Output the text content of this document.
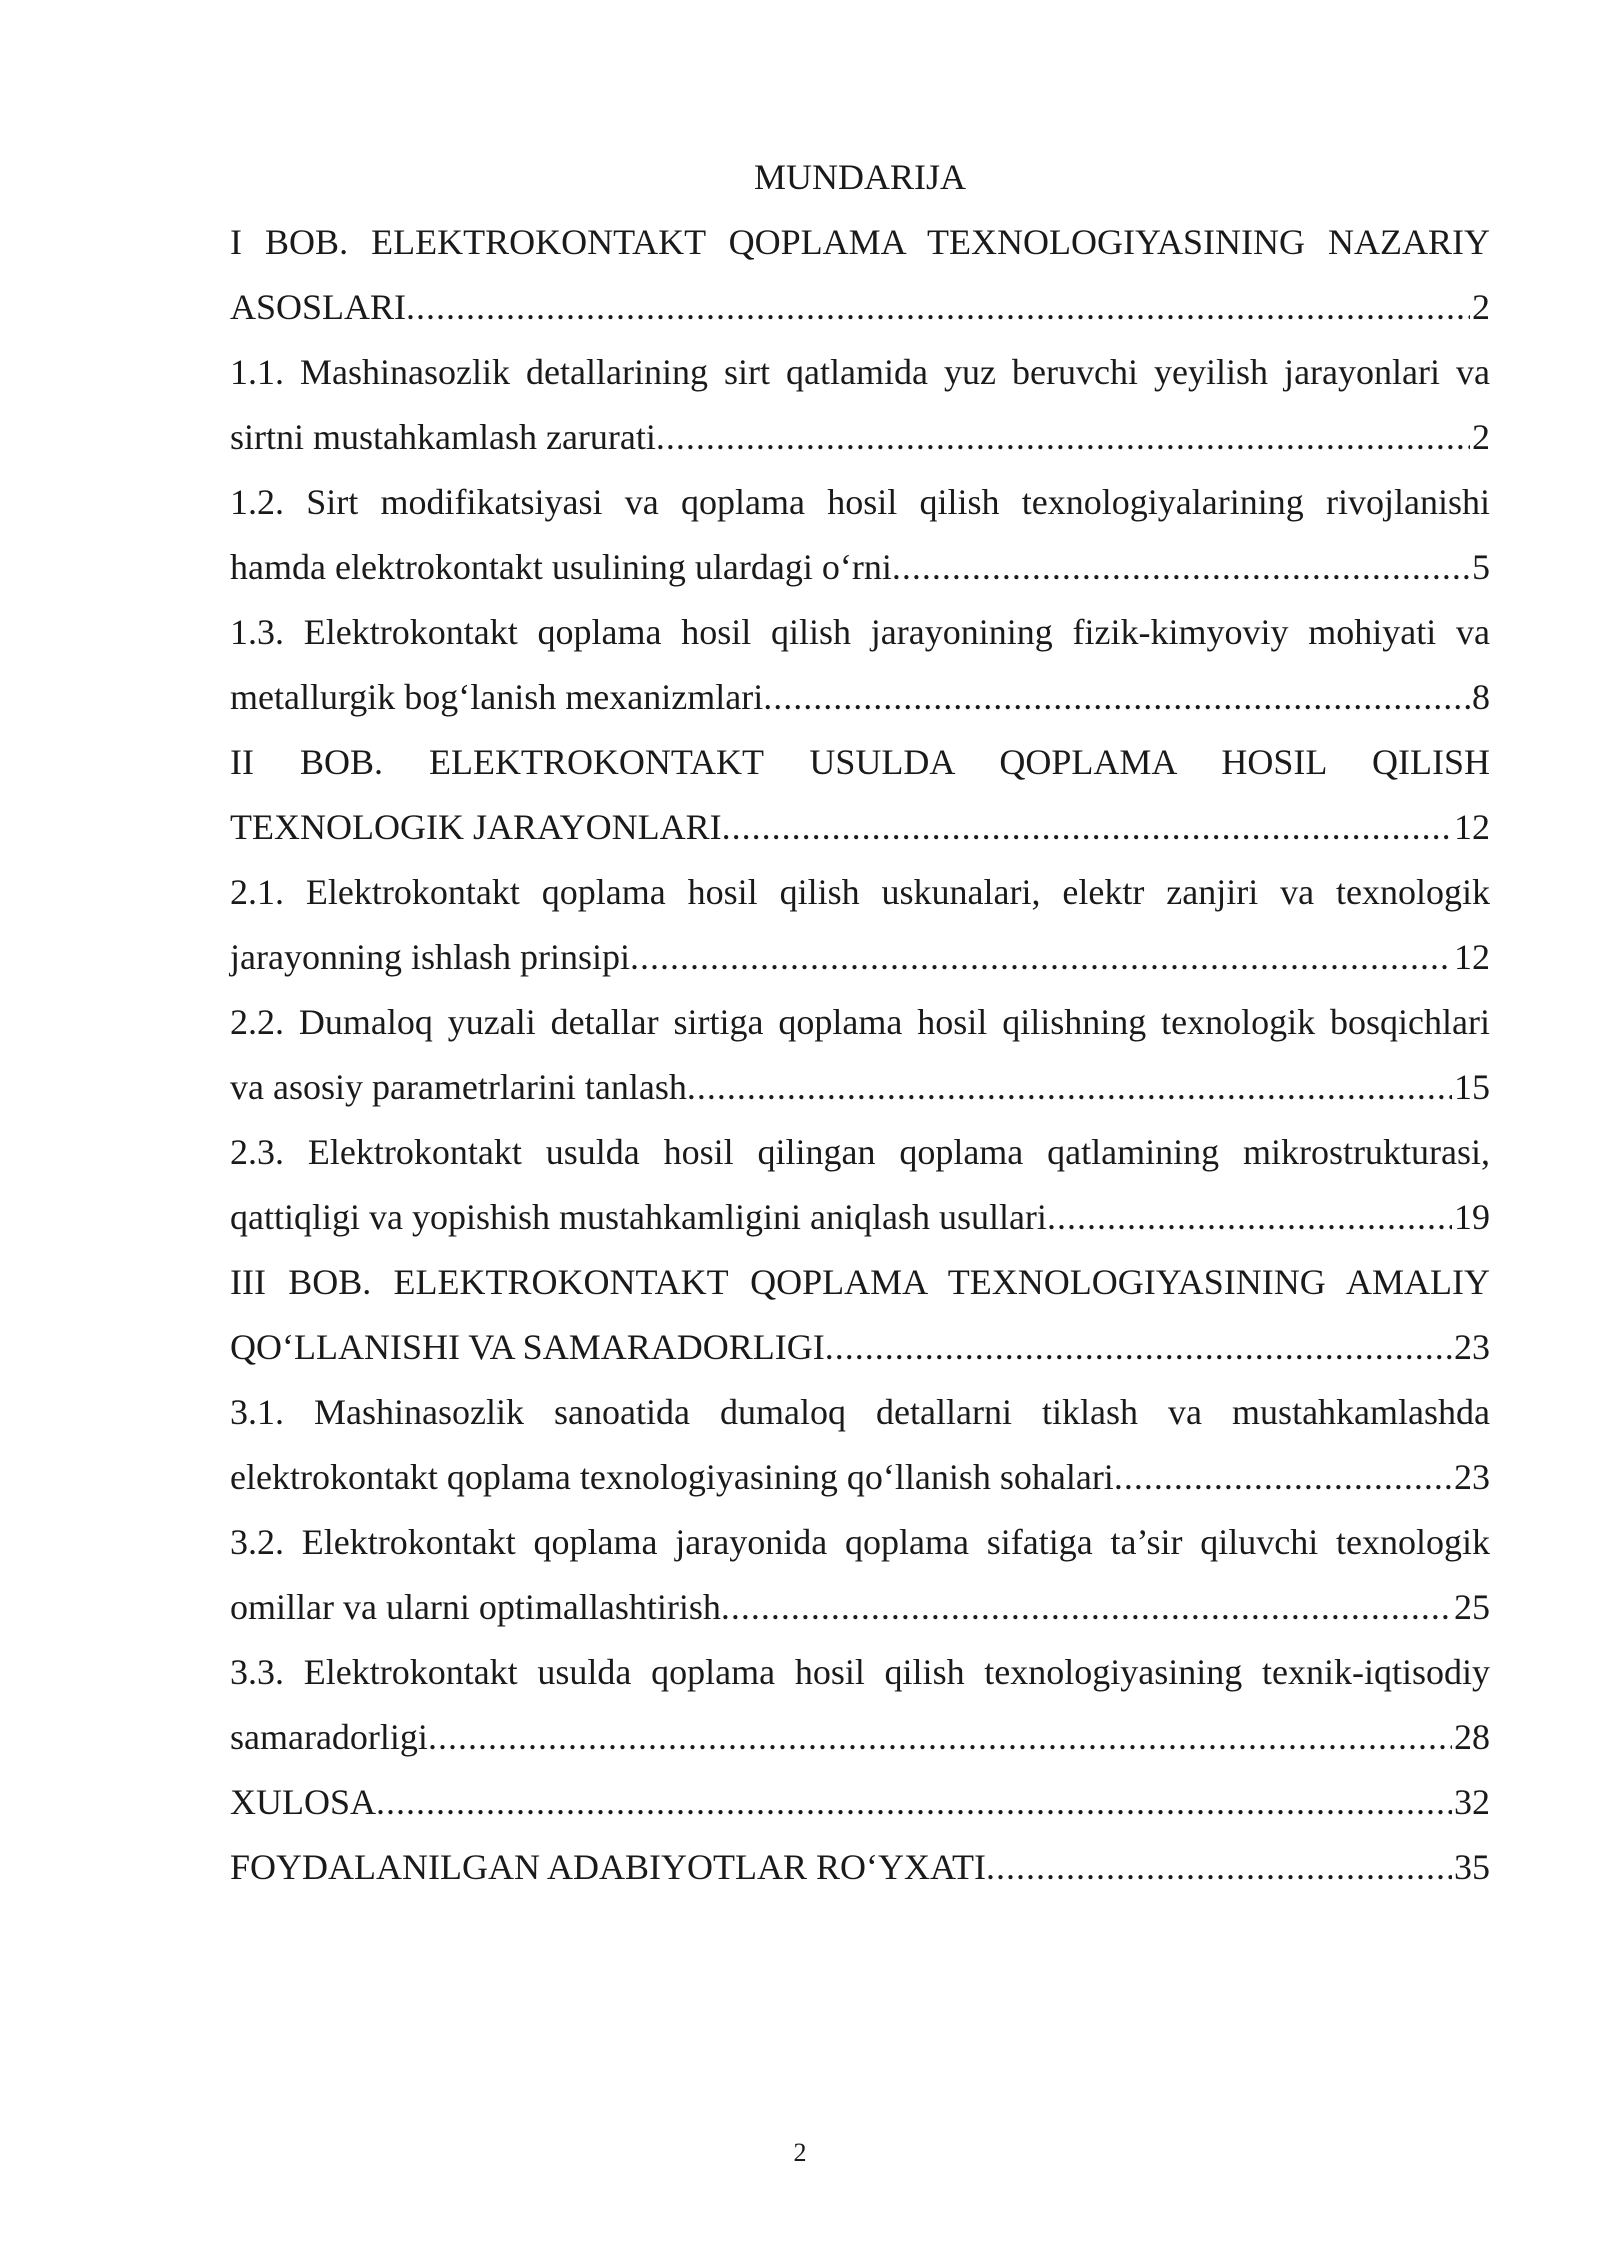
MUNDARIJA
I BOB. ELEKTROKONTAKT QOPLAMA TEXNOLOGIYASINING NAZARIY
ASOSLARI .....	2
1.1. Mashinasozlik detallarining sirt qatlamida yuz beruvchi yeyilish jarayonlari va
sirtni mustahkamlash zarurati .....	2
1.2. Sirt modifikatsiyasi va qoplama hosil qilish texnologiyalarining rivojlanishi
hamda elektrokontakt usulining ulardagi o‘rni .....	5
1.3. Elektrokontakt qoplama hosil qilish jarayonining fizik-kimyoviy mohiyati va
metallurgik bog‘lanish mexanizmlari .....	8
II BOB. ELEKTROKONTAKT USULDA QOPLAMA HOSIL QILISH
TEXNOLOGIK JARAYONLARI .....	12
2.1. Elektrokontakt qoplama hosil qilish uskunalari, elektr zanjiri va texnologik
jarayonning ishlash prinsipi .....	12
2.2. Dumaloq yuzali detallar sirtiga qoplama hosil qilishning texnologik bosqichlari
va asosiy parametrlarini tanlash .....	15
2.3. Elektrokontakt usulda hosil qilingan qoplama qatlamining mikrostrukturasi,
qattiqligi va yopishish mustahkamligini aniqlash usullari .....	19
III BOB. ELEKTROKONTAKT QOPLAMA TEXNOLOGIYASINING AMALIY
QO‘LLANISHI VA SAMARADORLIGI .....	23
3.1. Mashinasozlik sanoatida dumaloq detallarni tiklash va mustahkamlashda
elektrokontakt qoplama texnologiyasining qo‘llanish sohalari .....	23
3.2. Elektrokontakt qoplama jarayonida qoplama sifatiga ta’sir qiluvchi texnologik
omillar va ularni optimallashtirish .....	25
3.3. Elektrokontakt usulda qoplama hosil qilish texnologiyasining texnik-iqtisodiy
samaradorligi .....	28
XULOSA .....	32
FOYDALANILGAN ADABIYOTLAR RO‘YXATI .....	35
2
